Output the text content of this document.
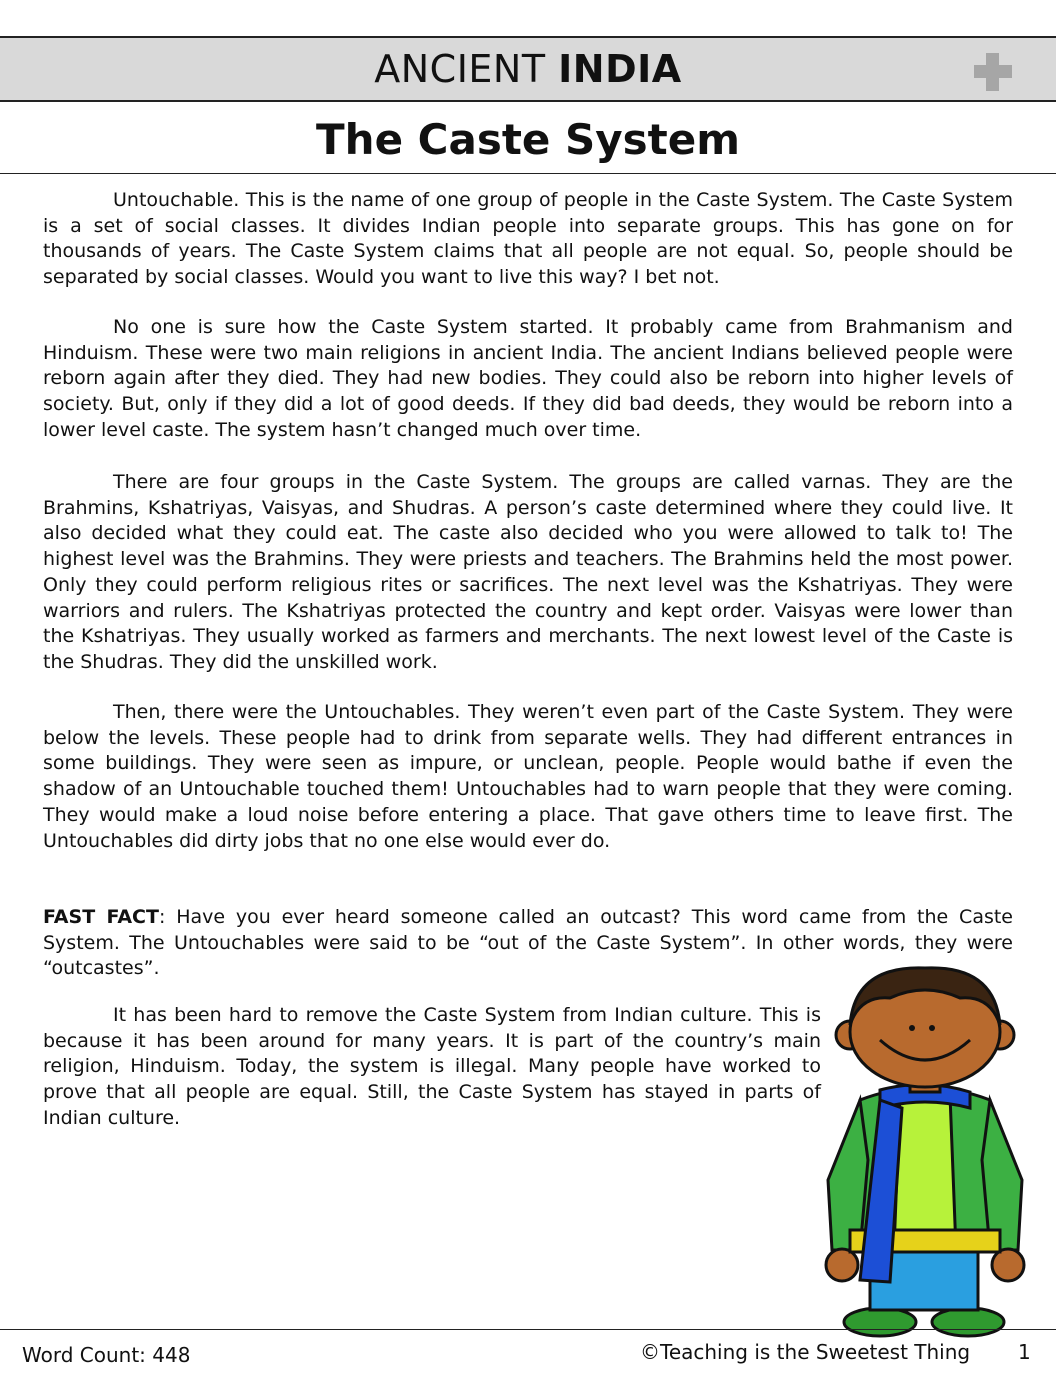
ANCIENT INDIA
The Caste System

Untouchable. This is the name of one group of people in the Caste System. The Caste System is a set of social classes. It divides Indian people into separate groups. This has gone on for thousands of years. The Caste System claims that all people are not equal. So, people should be separated by social classes. Would you want to live this way? I bet not.

No one is sure how the Caste System started. It probably came from Brahmanism and Hinduism. These were two main religions in ancient India. The ancient Indians believed people were reborn again after they died. They had new bodies. They could also be reborn into higher levels of society. But, only if they did a lot of good deeds. If they did bad deeds, they would be reborn into a lower level caste. The system hasn’t changed much over time.

There are four groups in the Caste System. The groups are called varnas. They are the Brahmins, Kshatriyas, Vaisyas, and Shudras. A person’s caste determined where they could live. It also decided what they could eat. The caste also decided who you were allowed to talk to! The highest level was the Brahmins. They were priests and teachers. The Brahmins held the most power. Only they could perform religious rites or sacrifices. The next level was the Kshatriyas. They were warriors and rulers. The Kshatriyas protected the country and kept order. Vaisyas were lower than the Kshatriyas. They usually worked as farmers and merchants. The next lowest level of the Caste is the Shudras. They did the unskilled work.

Then, there were the Untouchables. They weren’t even part of the Caste System. They were below the levels. These people had to drink from separate wells. They had different entrances in some buildings. They were seen as impure, or unclean, people. People would bathe if even the shadow of an Untouchable touched them! Untouchables had to warn people that they were coming. They would make a loud noise before entering a place. That gave others time to leave first. The Untouchables did dirty jobs that no one else would ever do.

FAST FACT: Have you ever heard someone called an outcast? This word came from the Caste System. The Untouchables were said to be “out of the Caste System”. In other words, they were “outcastes”.

It has been hard to remove the Caste System from Indian culture. This is because it has been around for many years. It is part of the country’s main religion, Hinduism. Today, the system is illegal. Many people have worked to prove that all people are equal. Still, the Caste System has stayed in parts of Indian culture.

Word Count: 448	©Teaching is the Sweetest Thing 1
